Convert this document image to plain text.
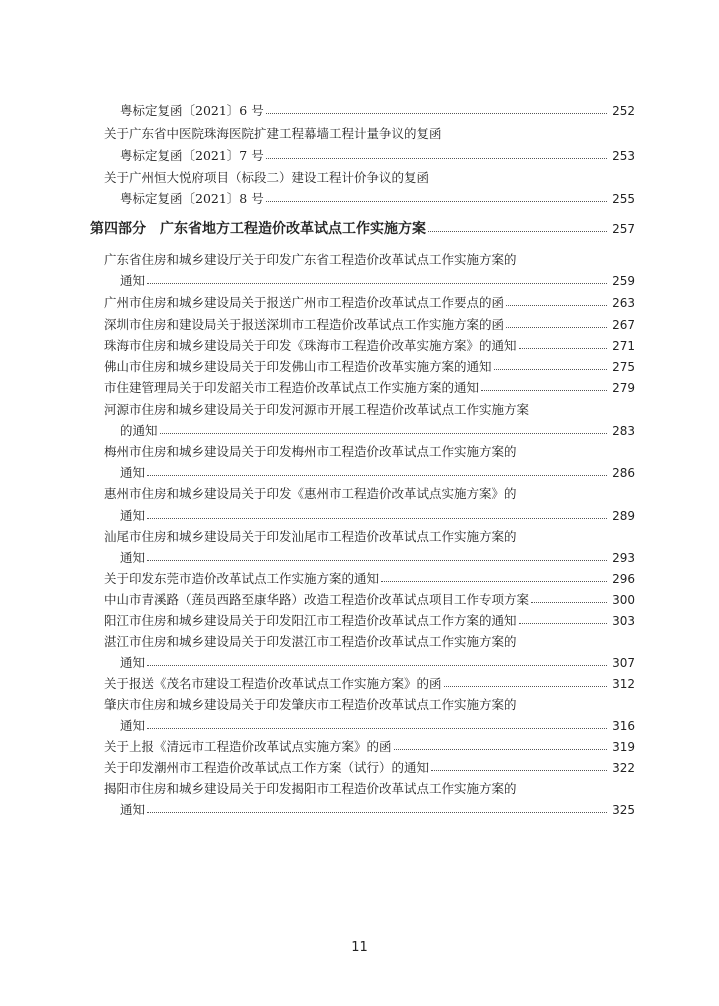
粤标定复函〔2021〕6 号	252
关于广东省中医院珠海医院扩建工程幕墙工程计量争议的复函
粤标定复函〔2021〕7 号	253
关于广州恒大悦府项目（标段二）建设工程计价争议的复函
粤标定复函〔2021〕8 号	255
第四部分　广东省地方工程造价改革试点工作实施方案	257
广东省住房和城乡建设厅关于印发广东省工程造价改革试点工作实施方案的
通知	259
广州市住房和城乡建设局关于报送广州市工程造价改革试点工作要点的函	263
深圳市住房和建设局关于报送深圳市工程造价改革试点工作实施方案的函	267
珠海市住房和城乡建设局关于印发《珠海市工程造价改革实施方案》的通知	271
佛山市住房和城乡建设局关于印发佛山市工程造价改革实施方案的通知	275
市住建管理局关于印发韶关市工程造价改革试点工作实施方案的通知	279
河源市住房和城乡建设局关于印发河源市开展工程造价改革试点工作实施方案
的通知	283
梅州市住房和城乡建设局关于印发梅州市工程造价改革试点工作实施方案的
通知	286
惠州市住房和城乡建设局关于印发《惠州市工程造价改革试点实施方案》的
通知	289
汕尾市住房和城乡建设局关于印发汕尾市工程造价改革试点工作实施方案的
通知	293
关于印发东莞市造价改革试点工作实施方案的通知	296
中山市青溪路（莲员西路至康华路）改造工程造价改革试点项目工作专项方案	300
阳江市住房和城乡建设局关于印发阳江市工程造价改革试点工作方案的通知	303
湛江市住房和城乡建设局关于印发湛江市工程造价改革试点工作实施方案的
通知	307
关于报送《茂名市建设工程造价改革试点工作实施方案》的函	312
肇庆市住房和城乡建设局关于印发肇庆市工程造价改革试点工作实施方案的
通知	316
关于上报《清远市工程造价改革试点实施方案》的函	319
关于印发潮州市工程造价改革试点工作方案（试行）的通知	322
揭阳市住房和城乡建设局关于印发揭阳市工程造价改革试点工作实施方案的
通知	325
11
